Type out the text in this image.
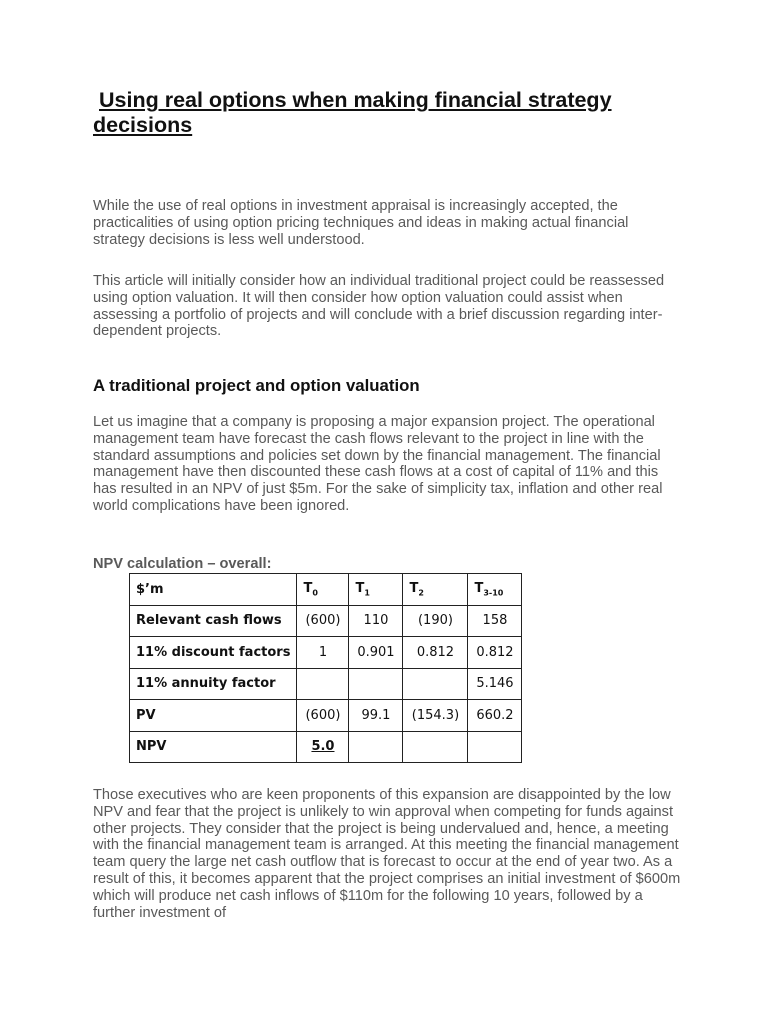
Using real options when making financial strategy decisions

While the use of real options in investment appraisal is increasingly accepted, the practicalities of using option pricing techniques and ideas in making actual financial strategy decisions is less well understood.

This article will initially consider how an individual traditional project could be reassessed using option valuation. It will then consider how option valuation could assist when assessing a portfolio of projects and will conclude with a brief discussion regarding inter-dependent projects.

A traditional project and option valuation

Let us imagine that a company is proposing a major expansion project. The operational management team have forecast the cash flows relevant to the project in line with the standard assumptions and policies set down by the financial management. The financial management have then discounted these cash flows at a cost of capital of 11% and this has resulted in an NPV of just $5m. For the sake of simplicity tax, inflation and other real world complications have been ignored.

NPV calculation – overall:

$’m	$T_0$	$T_1$	$T_2$	$T_{3-10}$
Relevant cash flows	(600)	110	(190)	158
11% discount factors	1	0.901	0.812	0.812
11% annuity factor				5.146
PV	(600)	99.1	(154.3)	660.2
NPV	5.0			

Those executives who are keen proponents of this expansion are disappointed by the low NPV and fear that the project is unlikely to win approval when competing for funds against other projects. They consider that the project is being undervalued and, hence, a meeting with the financial management team is arranged. At this meeting the financial management team query the large net cash outflow that is forecast to occur at the end of year two. As a result of this, it becomes apparent that the project comprises an initial investment of $600m which will produce net cash inflows of $110m for the following 10 years, followed by a further investment of
